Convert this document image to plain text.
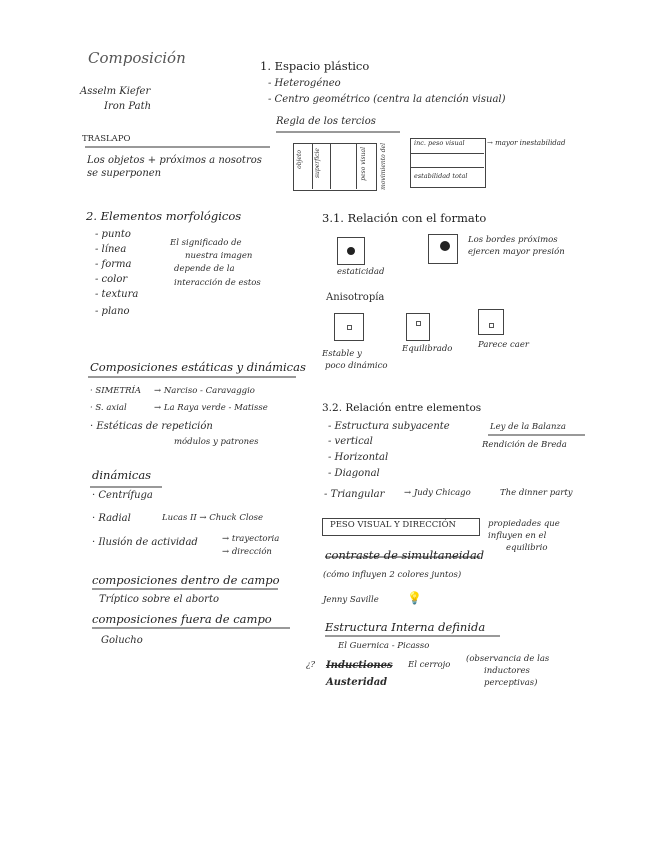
Composición
Asselm Kiefer
Iron Path
TRASLAPO
Los objetos + próximos a nosotros
se superponen
2. Elementos morfológicos
- punto
- línea
- forma
- color
- textura
- plano
El significado de
nuestra imagen
depende de la
interacción de estos
Composiciones estáticas y dinámicas
· SIMETRÍA → Narciso - Caravaggio
· S. axial	→ La Raya verde - Matisse
· Estéticas de repetición
módulos y patrones
dinámicas
· Centrífuga
· Radial	Lucas II → Chuck Close
· Ilusión de actividad	→ trayectoria
→ dirección
composiciones dentro de campo
Tríptico sobre el aborto
composiciones fuera de campo
Golucho
1. Espacio plástico
- Heterogéneo
- Centro geométrico (centra la atención visual)
Regla de los tercios
objeto superficie	peso visual movimiento del	inc. peso visual
estabilidad total
→ mayor inestabilidad
3.1. Relación con el formato
estaticidad
Los bordes próximos
ejercen mayor presión
Anisotropía
Estable y
poco dinámico
Equilibrado	Parece caer
3.2. Relación entre elementos
- Estructura subyacente
- vertical
- Horizontal
- Diagonal
- Triangular
Ley de la Balanza
Rendición de Breda
→ Judy Chicago	The dinner party
PESO VISUAL Y DIRECCIÓN	propiedades que
influyen en el
equilibrio
contraste de simultaneidad
(cómo influyen 2 colores juntos)
Jenny Saville 💡
Estructura Interna definida
El Guernica - Picasso
¿? Inductiones El cerrojo
Austeridad
(observancia de las
inductores
perceptivas)
